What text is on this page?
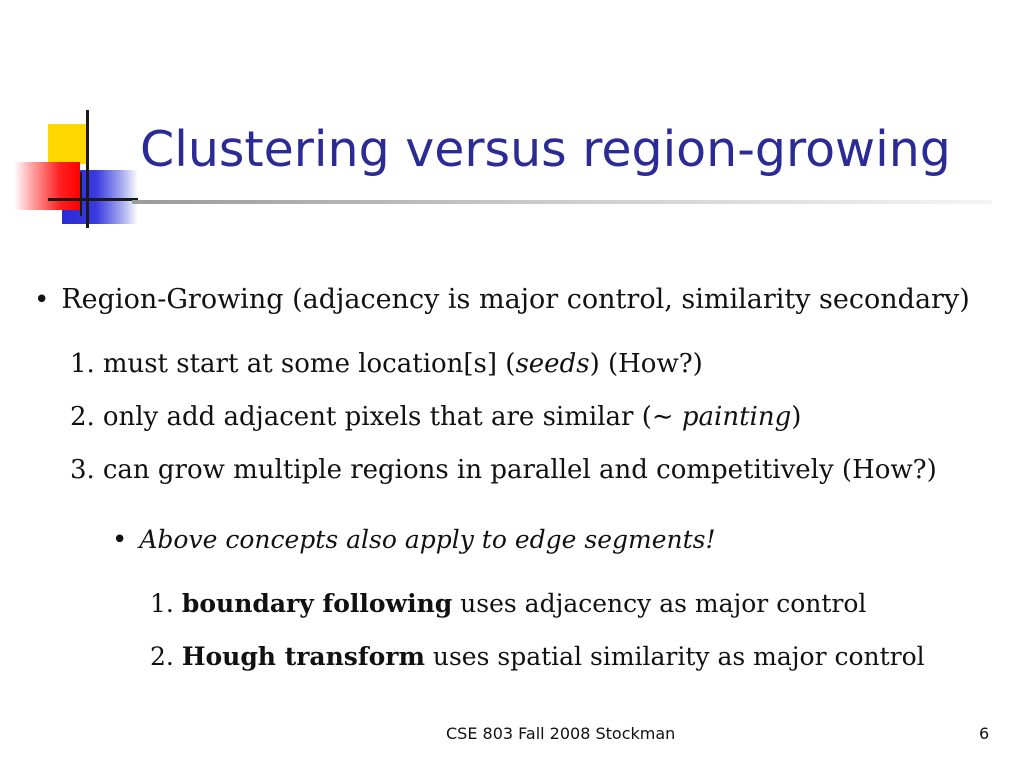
Clustering versus region-growing
• Region-Growing (adjacency is major control, similarity secondary)
1. must start at some location[s] (seeds) (How?)
2. only add adjacent pixels that are similar (∼ painting)
3. can grow multiple regions in parallel and competitively (How?)
• Above concepts also apply to edge segments!
1. boundary following uses adjacency as major control
2. Hough transform uses spatial similarity as major control
CSE 803 Fall 2008 Stockman	6
